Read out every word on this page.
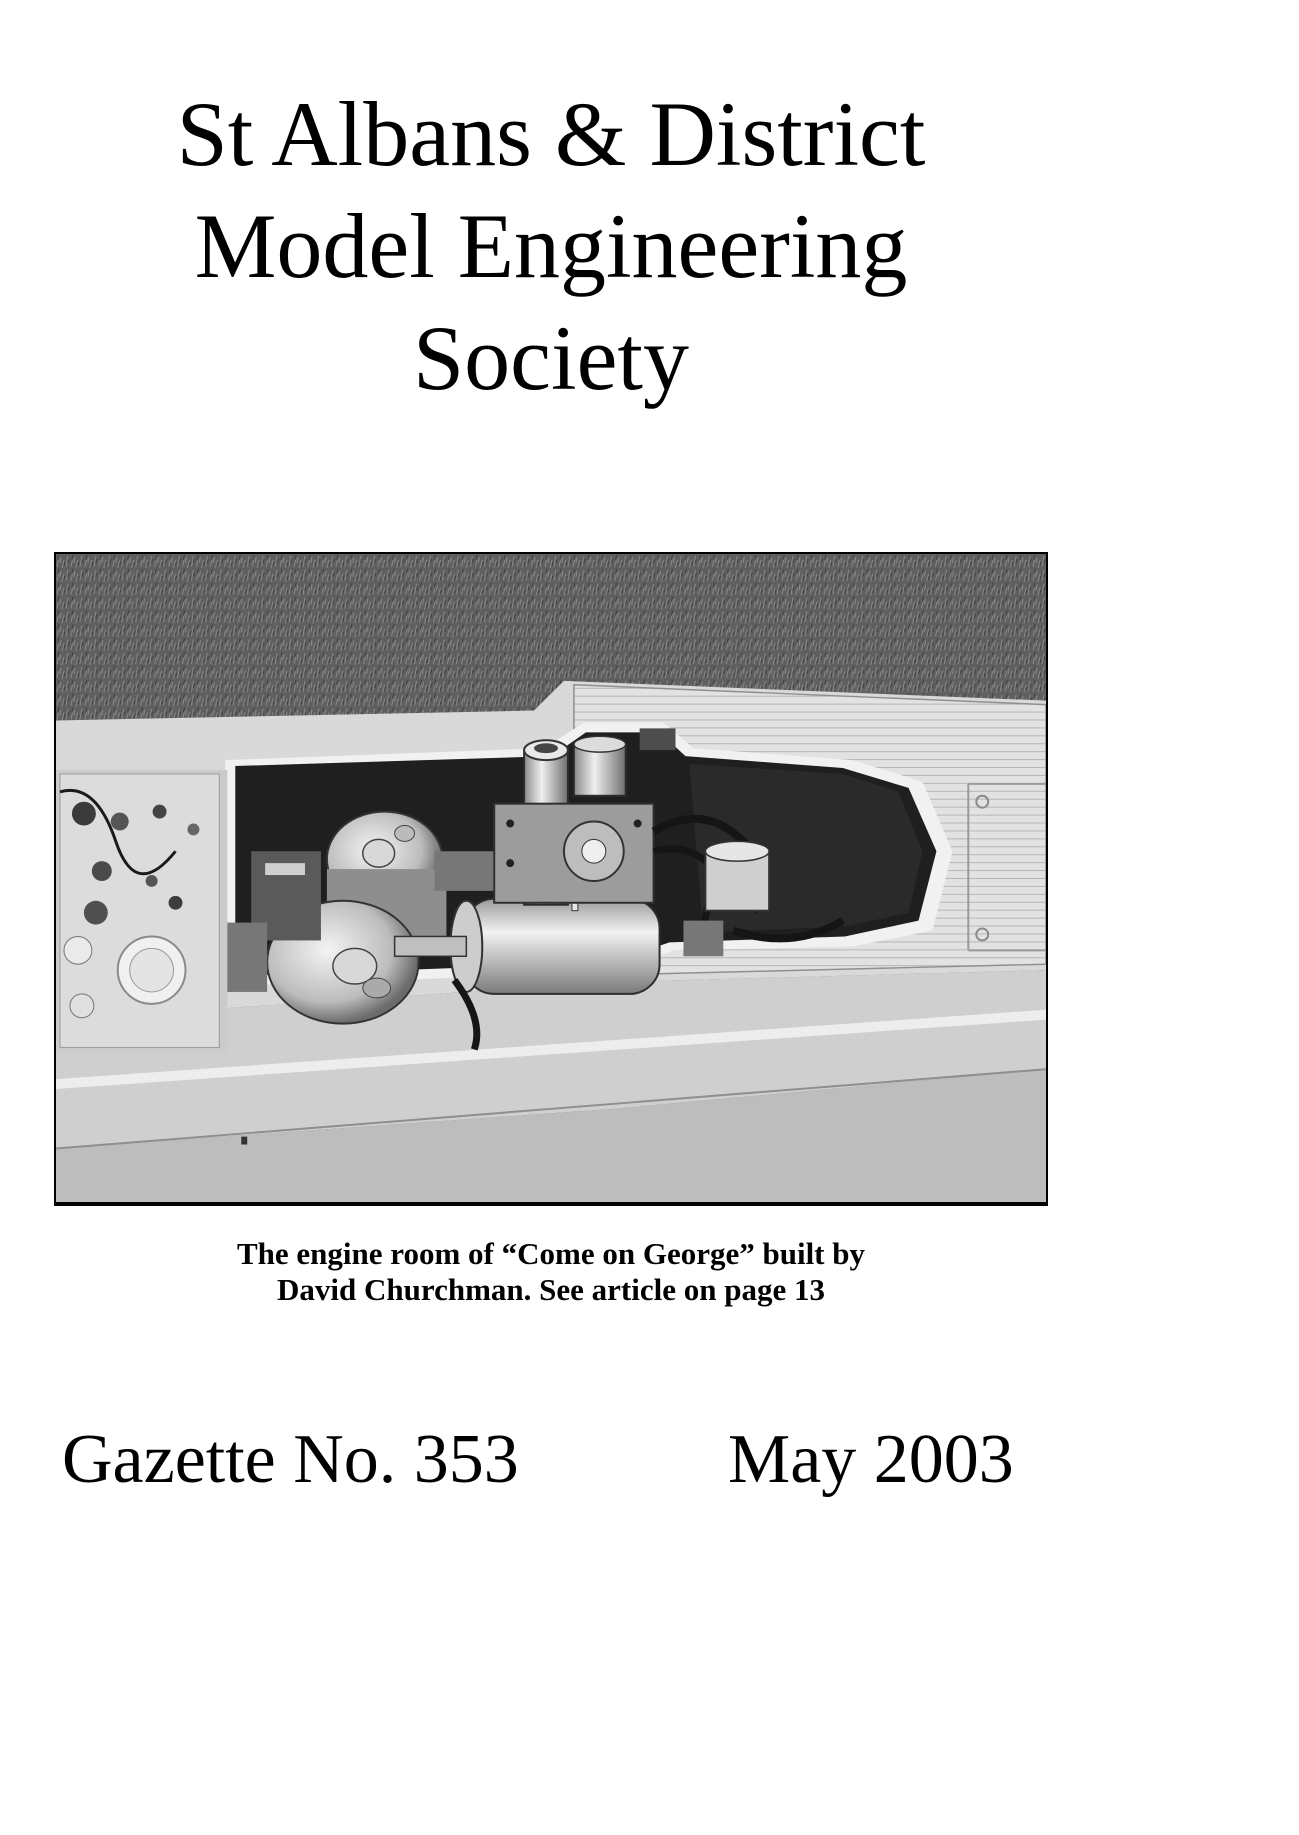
St Albans & District
Model Engineering
Society
The engine room of “Come on George” built by
David Churchman. See article on page 13
Gazette No. 353	May 2003
